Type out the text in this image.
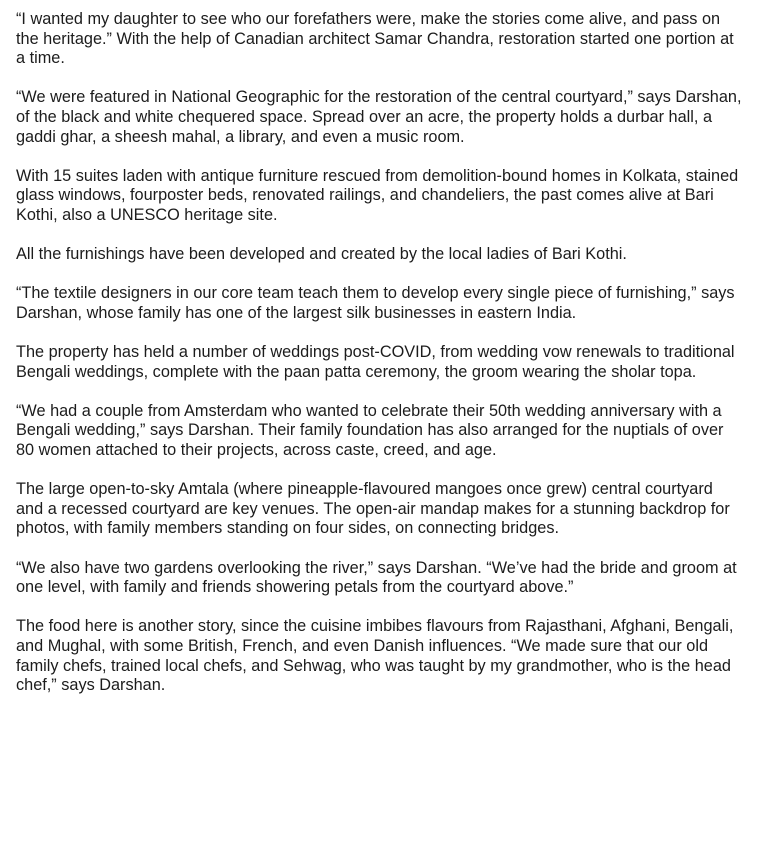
“I wanted my daughter to see who our forefathers were, make the stories come alive, and pass on the heritage.” With the help of Canadian architect Samar Chandra, restoration started one portion at a time.

“We were featured in National Geographic for the restoration of the central courtyard,” says Darshan, of the black and white chequered space. Spread over an acre, the property holds a durbar hall, a gaddi ghar, a sheesh mahal, a library, and even a music room.

With 15 suites laden with antique furniture rescued from demolition-bound homes in Kolkata, stained glass windows, fourposter beds, renovated railings, and chandeliers, the past comes alive at Bari Kothi, also a UNESCO heritage site.

All the furnishings have been developed and created by the local ladies of Bari Kothi.

“The textile designers in our core team teach them to develop every single piece of furnishing,” says Darshan, whose family has one of the largest silk businesses in eastern India.

The property has held a number of weddings post-COVID, from wedding vow renewals to traditional Bengali weddings, complete with the paan patta ceremony, the groom wearing the sholar topa.

“We had a couple from Amsterdam who wanted to celebrate their 50th wedding anniversary with a Bengali wedding,” says Darshan. Their family foundation has also arranged for the nuptials of over 80 women attached to their projects, across caste, creed, and age.

The large open-to-sky Amtala (where pineapple-flavoured mangoes once grew) central courtyard and a recessed courtyard are key venues. The open-air mandap makes for a stunning backdrop for photos, with family members standing on four sides, on connecting bridges.

“We also have two gardens overlooking the river,” says Darshan. “We’ve had the bride and groom at one level, with family and friends showering petals from the courtyard above.”

The food here is another story, since the cuisine imbibes flavours from Rajasthani, Afghani, Bengali, and Mughal, with some British, French, and even Danish influences. “We made sure that our old family chefs, trained local chefs, and Sehwag, who was taught by my grandmother, who is the head chef,” says Darshan.
